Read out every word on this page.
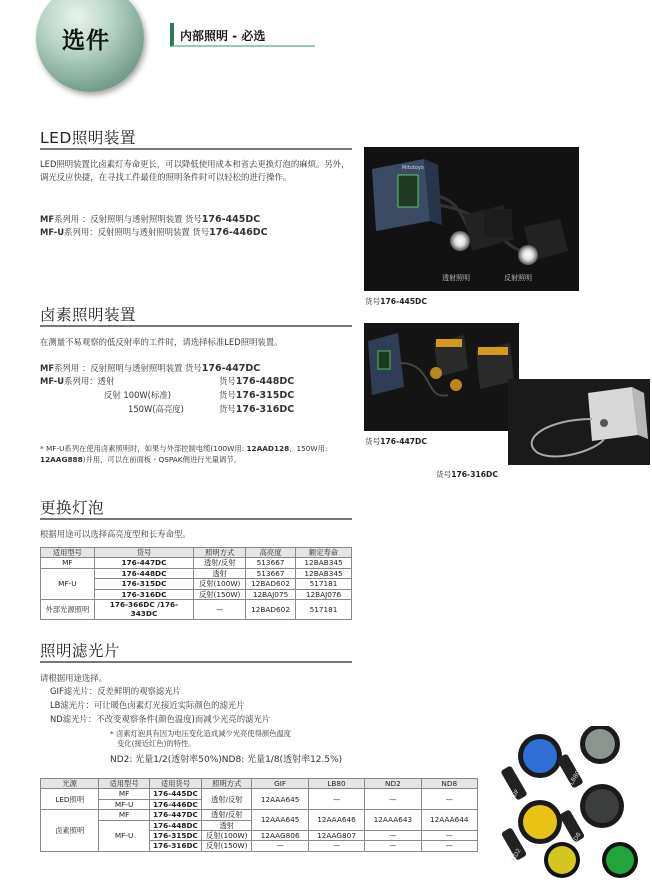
选件	内部照明 - 必选
LED照明装置
LED照明装置比卤素灯寿命更长，可以降低使用成本和省去更换灯泡的麻烦。另外，调光反应快捷，在寻找工件最佳的照明条件时可以轻松的进行操作。
MF系列用 ：反射照明与透射照明装置 货号176-445DC
MF-U系列用：反射照明与透射照明装置 货号176-446DC
Mitutoyo
透射照明	反射照明
货号176-445DC
卤素照明装置
在测量不易观察的低反射率的工件时，请选择标准LED照明装置。
MF系列用 ：反射照明与透射照明装置 货号176-447DC
MF-U系列用：透射	货号176-448DC
反射 100W(标准)	货号176-315DC
150W(高亮度)	货号176-316DC
* MF-U系列在使用卤素照明时，如果与外部控制电缆(100W用: 12AAD128，150W用: 12AAG888)并用，可以在前面板・QSPAK侧进行光量调节。
货号176-447DC
货号176-316DC
更换灯泡
根据用途可以选择高亮度型和长寿命型。
适用型号	货号	照明方式	高亮度	额定寿命
MF	176-447DC	透射/反射	513667	12BAB345
MF-U	176-448DC	透射	513667	12BAB345
	176-315DC	反射(100W)	12BAD602	517181
	176-316DC	反射(150W)	12BAJ075	12BAJ076
外部光源照明	176-366DC /176-343DC	—	12BAD602	517181
照明滤光片
请根据用途选择。
GIF滤光片：反差鲜明的观察滤光片
LB滤光片：可让暖色卤素灯光接近实际颜色的滤光片
ND滤光片：不改变观察条件(颜色温度)而减少光亮的滤光片
* 卤素灯泡具有因为电压变化造成减少光亮使得颜色温度
变化(接近红色)的特性。
ND2: 光量1/2(透射率50%)ND8: 光量1/8(透射率12.5%)
光源	适用型号	适用货号	照明方式	GIF	LB80	ND2	ND8
LED照明	MF	176-445DC	透射/反射	12AAA645	—	—	—
	MF-U	176-446DC					
卤素照明	MF	176-447DC	透射/反射	12AAA645	12AAA646	12AAA643	12AAA644
	MF-U	176-448DC	透射				
		176-315DC	反射(100W)	12AAG806	12AAG807	—	—
		176-316DC	反射(150W)	—	—	—	—
GIF
LB80
ND2
ND8
